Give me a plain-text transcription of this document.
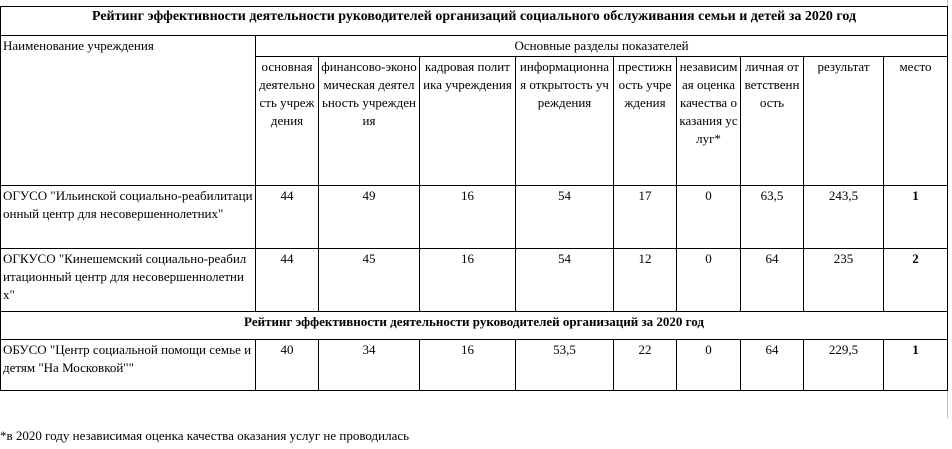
Рейтинг эффективности деятельности руководителей организаций социального обслуживания семьи и детей за 2020 год									
Наименование учреждения	Основные разделы показателей								
	основная деятельность учреждения	финансово-экономическая деятельность учреждения	кадровая политика учреждения	информационная открытость учреждения	престижность учреждения	независимая оценка качества оказания услуг*	личная ответственность	результат	место
ОГУСО "Ильинской социально-реабилитационный центр для несовершеннолетних"	44	49	16	54	17	0	63,5	243,5	1
ОГКУСО "Кинешемский социально-реабилитационный центр для несовершеннолетних"	44	45	16	54	12	0	64	235	2
Рейтинг эффективности деятельности руководителей организаций за 2020 год									
ОБУСО "Центр социальной помощи семье и детям "На Московкой""	40	34	16	53,5	22	0	64	229,5	1
*в 2020 году независимая оценка качества оказания услуг не проводилась
